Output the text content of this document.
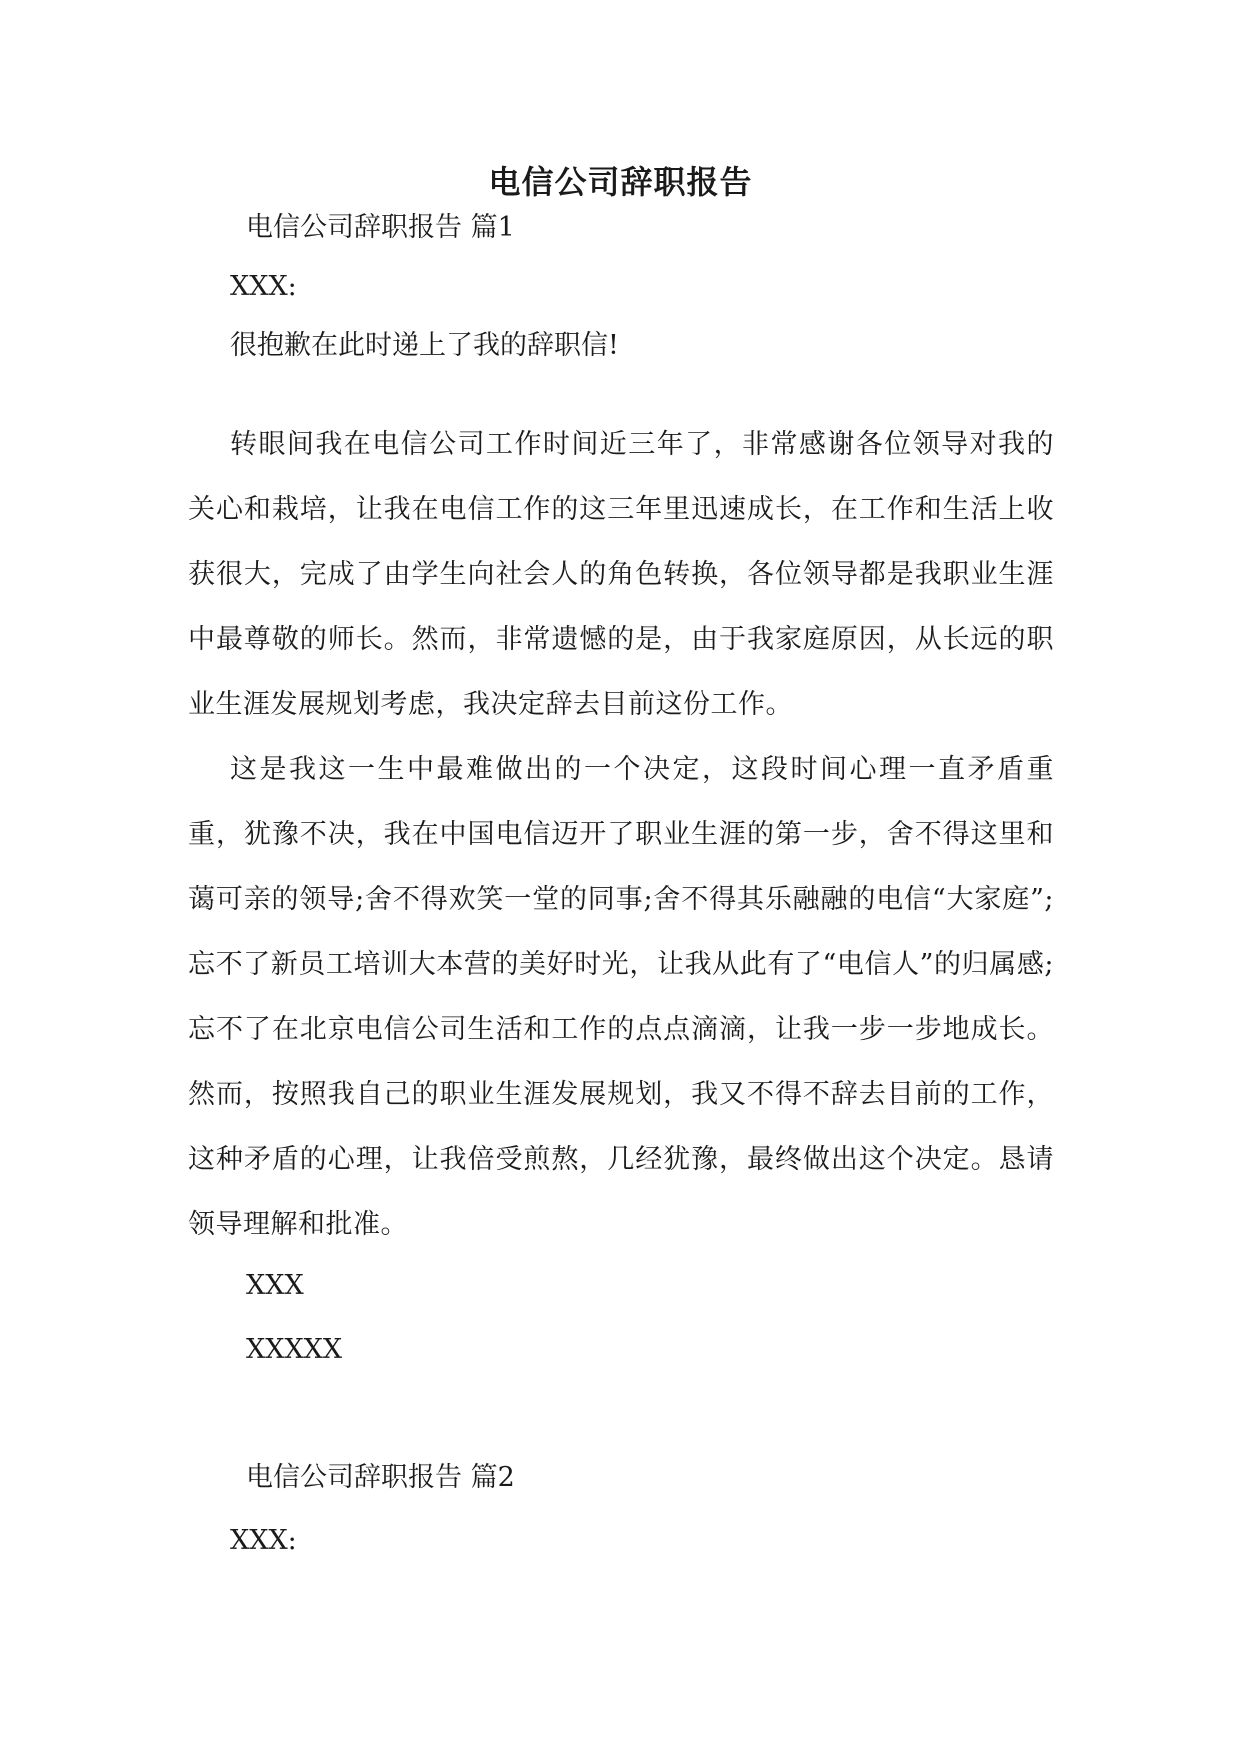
电信公司辞职报告
电信公司辞职报告 篇1
XXX:
很抱歉在此时递上了我的辞职信!

转眼间我在电信公司工作时间近三年了，非常感谢各位领导对我的关心和栽培，让我在电信工作的这三年里迅速成长，在工作和生活上收获很大，完成了由学生向社会人的角色转换，各位领导都是我职业生涯中最尊敬的师长。然而，非常遗憾的是，由于我家庭原因，从长远的职业生涯发展规划考虑，我决定辞去目前这份工作。

这是我这一生中最难做出的一个决定，这段时间心理一直矛盾重重，犹豫不决，我在中国电信迈开了职业生涯的第一步，舍不得这里和蔼可亲的领导;舍不得欢笑一堂的同事;舍不得其乐融融的电信“大家庭”;忘不了新员工培训大本营的美好时光，让我从此有了“电信人”的归属感;忘不了在北京电信公司生活和工作的点点滴滴，让我一步一步地成长。然而，按照我自己的职业生涯发展规划，我又不得不辞去目前的工作，这种矛盾的心理，让我倍受煎熬，几经犹豫，最终做出这个决定。恳请领导理解和批准。

XXX
XXXXX
电信公司辞职报告 篇2
XXX:
